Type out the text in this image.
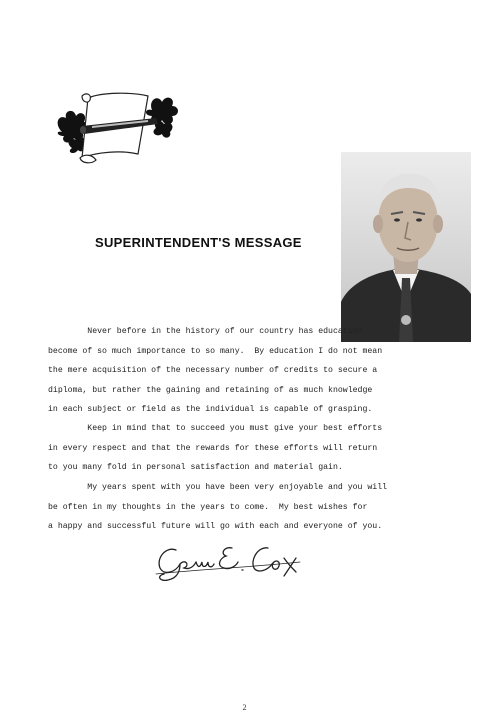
SUPERINTENDENT'S MESSAGE
Never before in the history of our country has education
become of so much importance to so many.  By education I do not mean
the mere acquisition of the necessary number of credits to secure a
diploma, but rather the gaining and retaining of as much knowledge
in each subject or field as the individual is capable of grasping.
Keep in mind that to succeed you must give your best efforts
in every respect and that the rewards for these efforts will return
to you many fold in personal satisfaction and material gain.
My years spent with you have been very enjoyable and you will
be often in my thoughts in the years to come.  My best wishes for
a happy and successful future will go with each and everyone of you.
2
